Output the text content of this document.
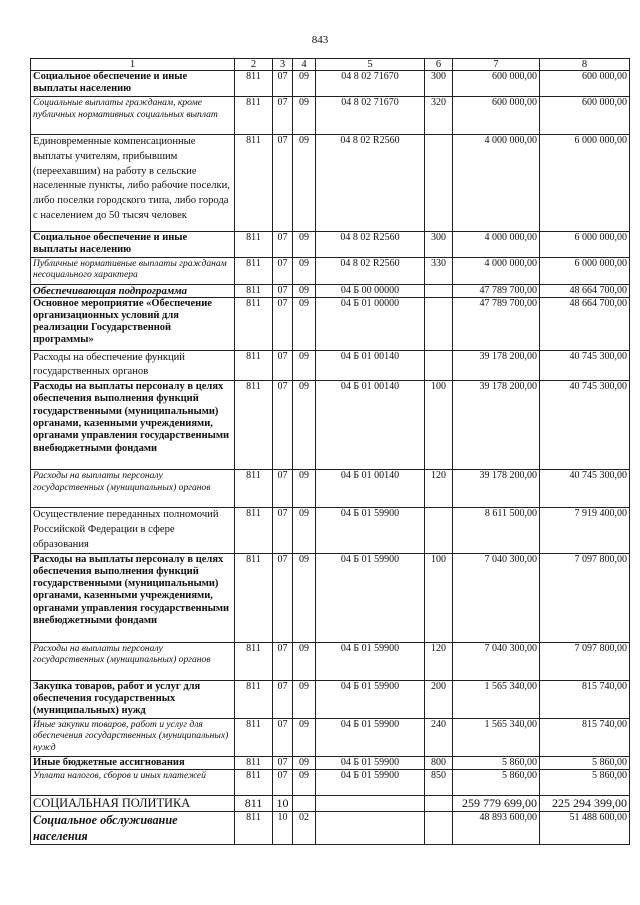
843
1	2	3	4	5	6	7	8
Социальное обеспечение и иные выплаты населению	811	07	09	04 8 02 71670	300	600 000,00	600 000,00
Социальные выплаты гражданам, кроме публичных нормативных социальных выплат	811	07	09	04 8 02 71670	320	600 000,00	600 000,00
Единовременные компенсационные выплаты учителям, прибывшим (переехавшим) на работу в сельские населенные пункты, либо рабочие поселки, либо поселки городского типа, либо города с населением до 50 тысяч человек	811	07	09	04 8 02 R2560		4 000 000,00	6 000 000,00
Социальное обеспечение и иные выплаты населению	811	07	09	04 8 02 R2560	300	4 000 000,00	6 000 000,00
Публичные нормативные выплаты гражданам несоциального характера	811	07	09	04 8 02 R2560	330	4 000 000,00	6 000 000,00
Обеспечивающая подпрограмма	811	07	09	04 Б 00 00000		47 789 700,00	48 664 700,00
Основное мероприятие «Обеспечение организационных условий для реализации Государственной программы»	811	07	09	04 Б 01 00000		47 789 700,00	48 664 700,00
Расходы на обеспечение функций государственных органов	811	07	09	04 Б 01 00140		39 178 200,00	40 745 300,00
Расходы на выплаты персоналу в целях обеспечения выполнения функций государственными (муниципальными) органами, казенными учреждениями, органами управления государственными внебюджетными фондами	811	07	09	04 Б 01 00140	100	39 178 200,00	40 745 300,00
Расходы на выплаты персоналу государственных (муниципальных) органов	811	07	09	04 Б 01 00140	120	39 178 200,00	40 745 300,00
Осуществление переданных полномочий Российской Федерации в сфере образования	811	07	09	04 Б 01 59900		8 611 500,00	7 919 400,00
Расходы на выплаты персоналу в целях обеспечения выполнения функций государственными (муниципальными) органами, казенными учреждениями, органами управления государственными внебюджетными фондами	811	07	09	04 Б 01 59900	100	7 040 300,00	7 097 800,00
Расходы на выплаты персоналу государственных (муниципальных) органов	811	07	09	04 Б 01 59900	120	7 040 300,00	7 097 800,00
Закупка товаров, работ и услуг для обеспечения государственных (муниципальных) нужд	811	07	09	04 Б 01 59900	200	1 565 340,00	815 740,00
Иные закупки товаров, работ и услуг для обеспечения государственных (муниципальных) нужд	811	07	09	04 Б 01 59900	240	1 565 340,00	815 740,00
Иные бюджетные ассигнования	811	07	09	04 Б 01 59900	800	5 860,00	5 860,00
Уплата налогов, сборов и иных платежей	811	07	09	04 Б 01 59900	850	5 860,00	5 860,00
СОЦИАЛЬНАЯ ПОЛИТИКА	811	10				259 779 699,00	225 294 399,00
Социальное обслуживание населения	811	10	02			48 893 600,00	51 488 600,00
